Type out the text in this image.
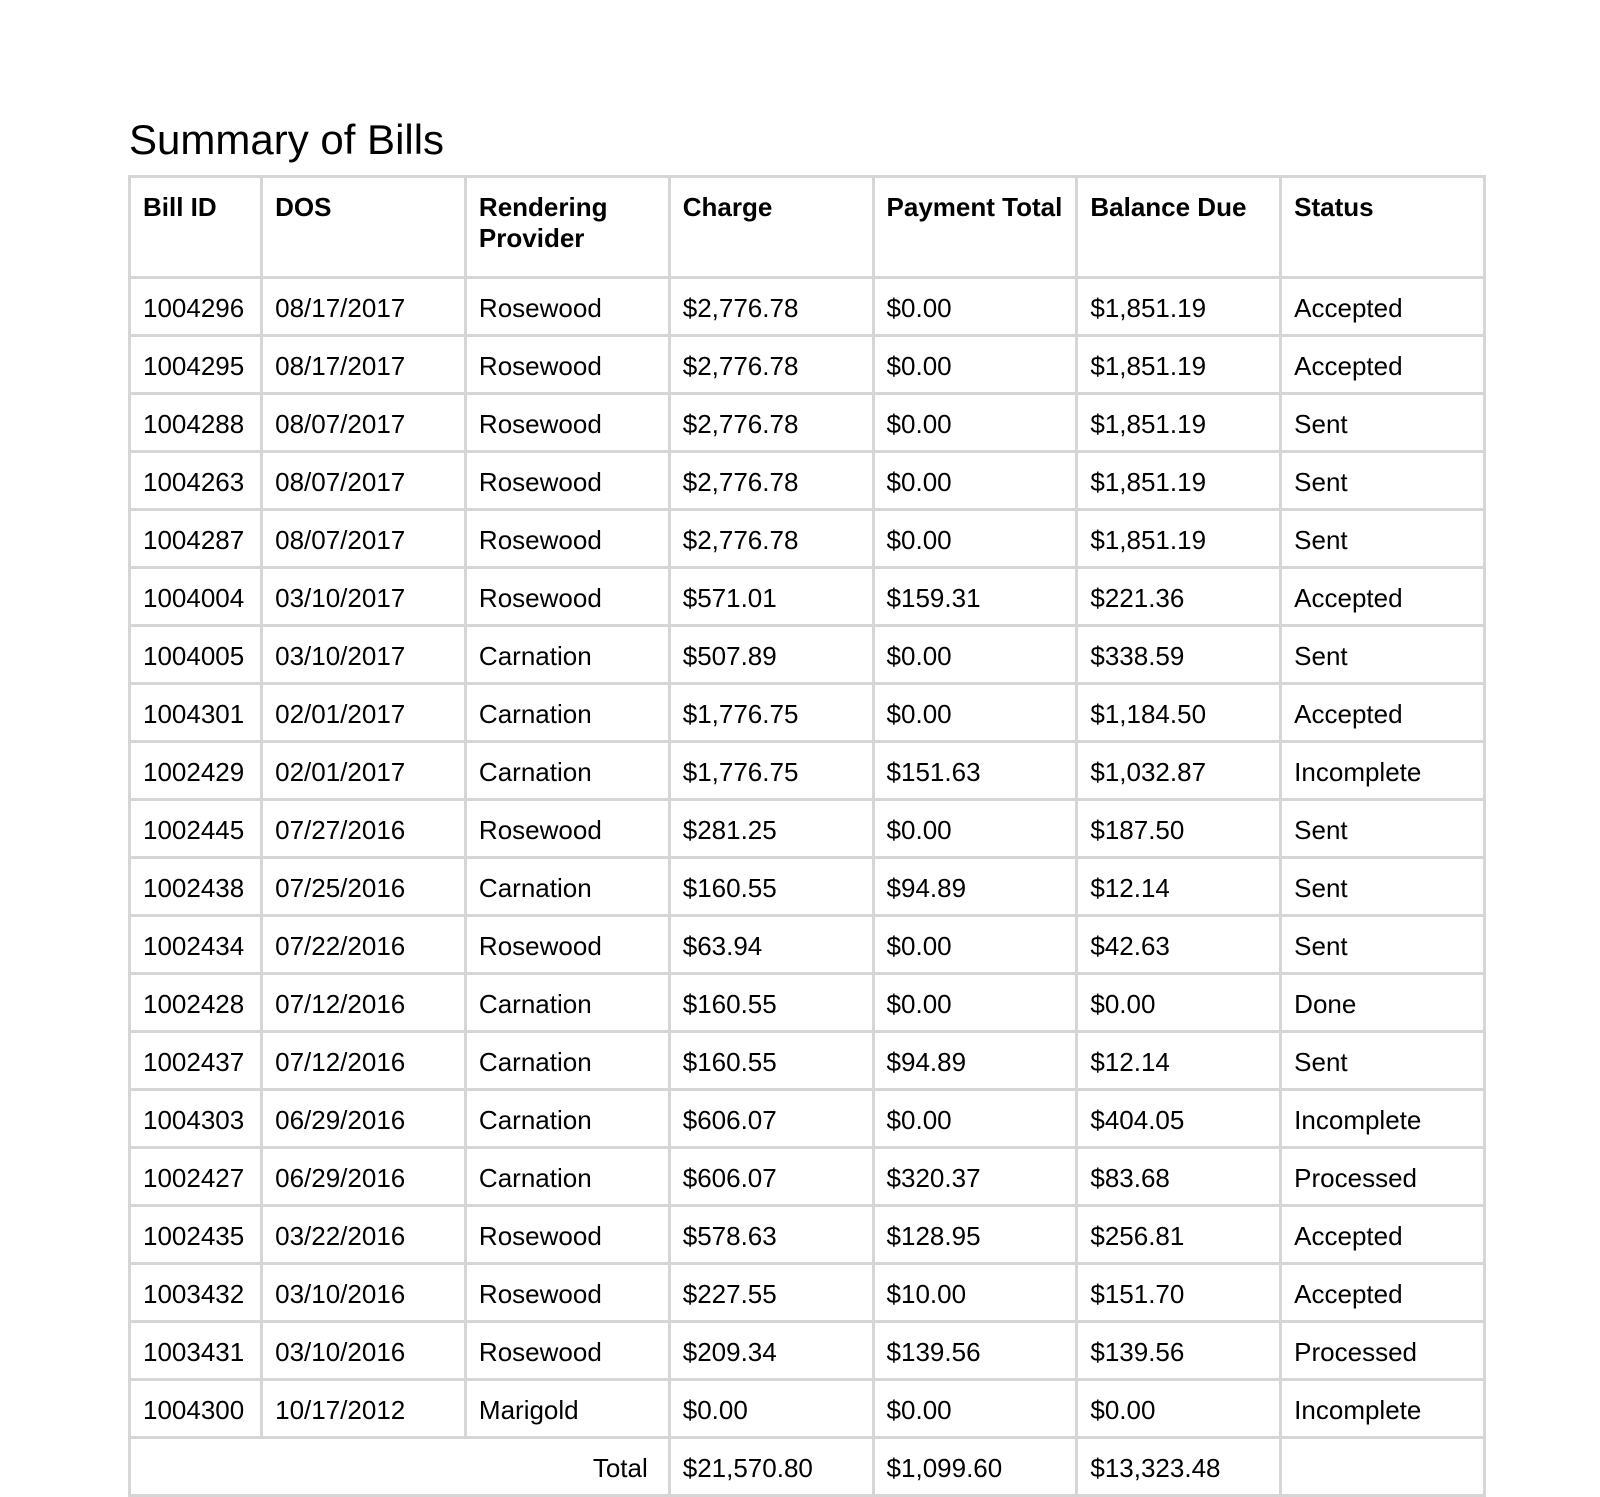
Summary of Bills
Bill ID	DOS	Rendering Provider	Charge	Payment Total	Balance Due	Status
1004296	08/17/2017	Rosewood	$2,776.78	$0.00	$1,851.19	Accepted
1004295	08/17/2017	Rosewood	$2,776.78	$0.00	$1,851.19	Accepted
1004288	08/07/2017	Rosewood	$2,776.78	$0.00	$1,851.19	Sent
1004263	08/07/2017	Rosewood	$2,776.78	$0.00	$1,851.19	Sent
1004287	08/07/2017	Rosewood	$2,776.78	$0.00	$1,851.19	Sent
1004004	03/10/2017	Rosewood	$571.01	$159.31	$221.36	Accepted
1004005	03/10/2017	Carnation	$507.89	$0.00	$338.59	Sent
1004301	02/01/2017	Carnation	$1,776.75	$0.00	$1,184.50	Accepted
1002429	02/01/2017	Carnation	$1,776.75	$151.63	$1,032.87	Incomplete
1002445	07/27/2016	Rosewood	$281.25	$0.00	$187.50	Sent
1002438	07/25/2016	Carnation	$160.55	$94.89	$12.14	Sent
1002434	07/22/2016	Rosewood	$63.94	$0.00	$42.63	Sent
1002428	07/12/2016	Carnation	$160.55	$0.00	$0.00	Done
1002437	07/12/2016	Carnation	$160.55	$94.89	$12.14	Sent
1004303	06/29/2016	Carnation	$606.07	$0.00	$404.05	Incomplete
1002427	06/29/2016	Carnation	$606.07	$320.37	$83.68	Processed
1002435	03/22/2016	Rosewood	$578.63	$128.95	$256.81	Accepted
1003432	03/10/2016	Rosewood	$227.55	$10.00	$151.70	Accepted
1003431	03/10/2016	Rosewood	$209.34	$139.56	$139.56	Processed
1004300	10/17/2012	Marigold	$0.00	$0.00	$0.00	Incomplete
Total			$21,570.80	$1,099.60	$13,323.48	
